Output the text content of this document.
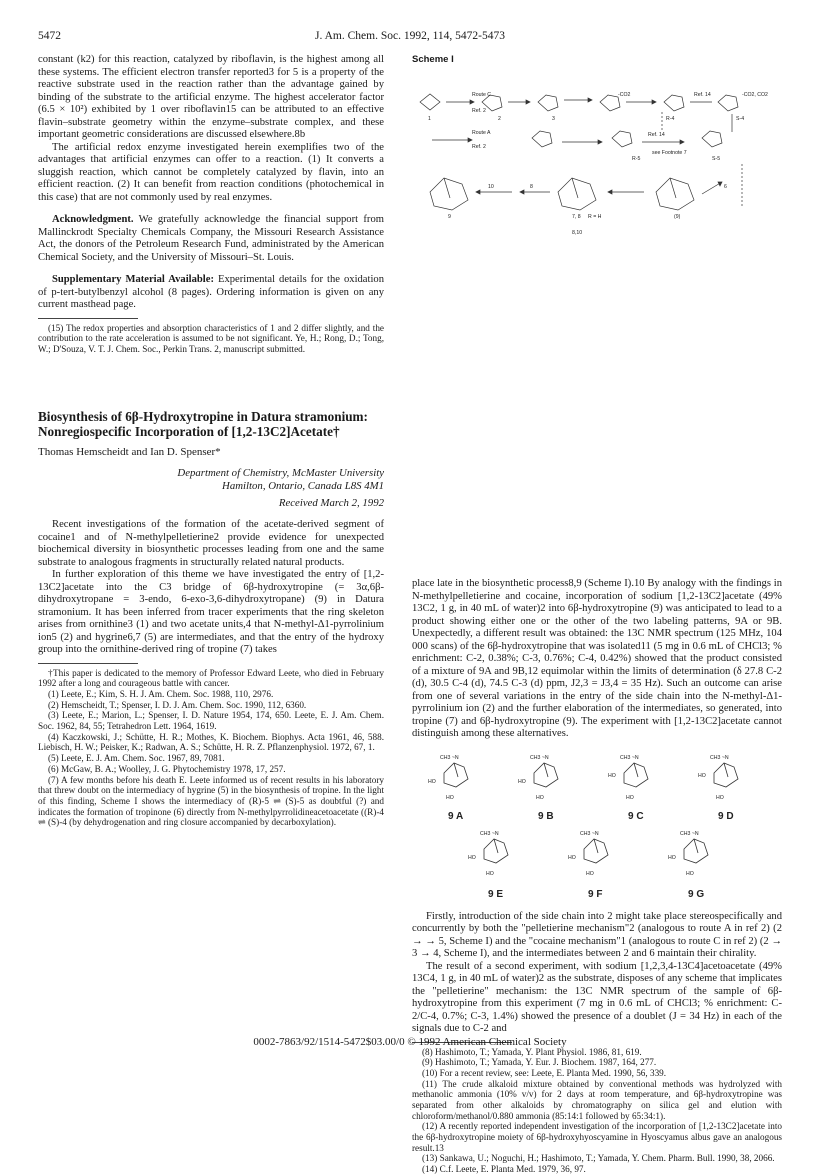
5472	J. Am. Chem. Soc. 1992, 114, 5472-5473

constant (k2) for this reaction, catalyzed by riboflavin, is the highest among all these systems. The efficient electron transfer reported3 for 5 is a property of the reactive substrate used in the reaction rather than the advantage gained by binding of the substrate to the artificial enzyme. The highest accelerator factor (6.5 × 10²) exhibited by 1 over riboflavin15 can be attributed to an effective flavin–substrate geometry within the enzyme–substrate complex, and these important geometric considerations are discussed elsewhere.8b

The artificial redox enzyme investigated herein exemplifies two of the advantages that artificial enzymes can offer to a reaction. (1) It converts a sluggish reaction, which cannot be completely catalyzed by flavin, into an efficient reaction. (2) It can benefit from reaction conditions (photochemical in this case) that are not commonly used by real enzymes.

Acknowledgment. We gratefully acknowledge the financial support from Mallinckrodt Specialty Chemicals Company, the Missouri Research Assistance Act, the donors of the Petroleum Research Fund, administrated by the American Chemical Society, and the University of Missouri–St. Louis.

Supplementary Material Available: Experimental details for the oxidation of p-tert-butylbenzyl alcohol (8 pages). Ordering information is given on any current masthead page.

(15) The redox properties and absorption characteristics of 1 and 2 differ slightly, and the contribution to the rate acceleration is assumed to be not significant. Ye, H.; Rong, D.; Tong, W.; D'Souza, V. T. J. Chem. Soc., Perkin Trans. 2, manuscript submitted.

Biosynthesis of 6β-Hydroxytropine in Datura stramonium: Nonregiospecific Incorporation of [1,2-13C2]Acetate†
Thomas Hemscheidt and Ian D. Spenser*
Department of Chemistry, McMaster University
Hamilton, Ontario, Canada L8S 4M1
Received March 2, 1992

Recent investigations of the formation of the acetate-derived segment of cocaine1 and of N-methylpelletierine2 provide evidence for unexpected biochemical diversity in biosynthetic processes leading from one and the same substrate to analogous fragments in structurally related natural products.

In further exploration of this theme we have investigated the entry of [1,2-13C2]acetate into the C3 bridge of 6β-hydroxytropine (= 3α,6β-dihydroxytropane = 3-endo, 6-exo-3,6-dihydroxytropane) (9) in Datura stramonium. It has been inferred from tracer experiments that the ring skeleton arises from ornithine3 (1) and two acetate units,4 that N-methyl-Δ1-pyrrolinium ion5 (2) and hygrine6,7 (5) are intermediates, and that the entry of the hydroxy group into the ornithine-derived ring of tropine (7) takes

†This paper is dedicated to the memory of Professor Edward Leete, who died in February 1992 after a long and courageous battle with cancer.

(1) Leete, E.; Kim, S. H. J. Am. Chem. Soc. 1988, 110, 2976.

(2) Hemscheidt, T.; Spenser, I. D. J. Am. Chem. Soc. 1990, 112, 6360.

(3) Leete, E.; Marion, L.; Spenser, I. D. Nature 1954, 174, 650. Leete, E. J. Am. Chem. Soc. 1962, 84, 55; Tetrahedron Lett. 1964, 1619.

(4) Kaczkowski, J.; Schütte, H. R.; Mothes, K. Biochem. Biophys. Acta 1961, 46, 588. Liebisch, H. W.; Peisker, K.; Radwan, A. S.; Schütte, H. R. Z. Pflanzenphysiol. 1972, 67, 1.

(5) Leete, E. J. Am. Chem. Soc. 1967, 89, 7081.

(6) McGaw, B. A.; Woolley, J. G. Phytochemistry 1978, 17, 257.

(7) A few months before his death E. Leete informed us of recent results in his laboratory that threw doubt on the intermediacy of hygrine (5) in the biosynthesis of tropine. In the light of this finding, Scheme I shows the intermediacy of (R)-5 ⇌ (S)-5 as doubtful (?) and indicates the formation of tropinone (6) directly from N-methylpyrrolidineacetoacetate ((R)-4 ⇌ (S)-4 (by dehydrogenation and ring closure accompanied by decarboxylation).

Scheme I
1	2	3	R-4	S-4
R-5	S-5
9
10	8
7, 8 R = H	(9)
6
Route C
Ref. 2
Route A
Ref. 2
Ref. 14
Ref. 14
see Footnote 7
-CO2	-CO2, CO2
8,10

place late in the biosynthetic process8,9 (Scheme I).10 By analogy with the findings in N-methylpelletierine and cocaine, incorporation of sodium [1,2-13C2]acetate (49% 13C2, 1 g, in 40 mL of water)2 into 6β-hydroxytropine (9) was anticipated to lead to a product showing either one or the other of the two labeling patterns, 9A or 9B. Unexpectedly, a different result was obtained: the 13C NMR spectrum (125 MHz, 104 000 scans) of the 6β-hydroxytropine that was isolated11 (5 mg in 0.6 mL of CHCl3; % enrichment: C-2, 0.38%; C-3, 0.76%; C-4, 0.42%) showed that the product consisted of a mixture of 9A and 9B,12 equimolar within the limits of determination (δ 27.8 C-2 (d), 30.5 C-4 (d), 74.5 C-3 (d) ppm, J2,3 = J3,4 = 35 Hz). Such an outcome can arise from one of several variations in the entry of the side chain into the N-methyl-Δ1-pyrrolinium ion (2) and the further elaboration of the intermediates, so generated, into tropine (7) and 6β-hydroxytropine (9). The experiment with [1,2-13C2]acetate cannot distinguish among these alternatives.

CH3 ~N	CH3 ~N	CH3 ~N	CH3 ~N
HO	HO
HO	HO
HO	HO	HO	HO
9 A	9 B	9 C	9 D
CH3 ~N	CH3 ~N	CH3 ~N
HO	HO	HO
HO	HO	HO
9 E	9 F	9 G

Firstly, introduction of the side chain into 2 might take place stereospecifically and concurrently by both the "pelletierine mechanism"2 (analogous to route A in ref 2) (2 → → 5, Scheme I) and the "cocaine mechanism"1 (analogous to route C in ref 2) (2 → 3 → 4, Scheme I), and the intermediates between 2 and 6 maintain their chirality.

The result of a second experiment, with sodium [1,2,3,4-13C4]acetoacetate (49% 13C4, 1 g, in 40 mL of water)2 as the substrate, disposes of any scheme that implicates the "pelletierine" mechanism: the 13C NMR spectrum of the sample of 6β-hydroxytropine from this experiment (7 mg in 0.6 mL of CHCl3; % enrichment: C-2/C-4, 0.7%; C-3, 1.4%) showed the presence of a doublet (J = 34 Hz) in each of the signals due to C-2 and

(8) Hashimoto, T.; Yamada, Y. Plant Physiol. 1986, 81, 619.

(9) Hashimoto, T.; Yamada, Y. Eur. J. Biochem. 1987, 164, 277.

(10) For a recent review, see: Leete, E. Planta Med. 1990, 56, 339.

(11) The crude alkaloid mixture obtained by conventional methods was hydrolyzed with methanolic ammonia (10% v/v) for 2 days at room temperature, and 6β-hydroxytropine was separated from other alkaloids by chromatography on silica gel and elution with chloroform/methanol/0.880 ammonia (85:14:1 followed by 65:34:1).

(12) A recently reported independent investigation of the incorporation of [1,2-13C2]acetate into the 6β-hydroxytropine moiety of 6β-hydroxyhyoscyamine in Hyoscyamus albus gave an analogous result.13

(13) Sankawa, U.; Noguchi, H.; Hashimoto, T.; Yamada, Y. Chem. Pharm. Bull. 1990, 38, 2066.

(14) C.f. Leete, E. Planta Med. 1979, 36, 97.

0002-7863/92/1514-5472$03.00/0 © 1992 American Chemical Society
